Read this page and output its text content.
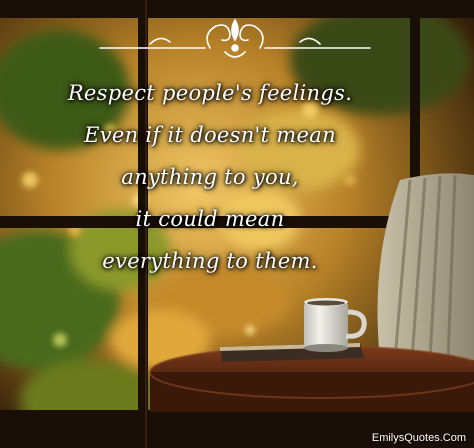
Respect people's feelings.
Even if it doesn't mean
anything to you,
it could mean
everything to them.

EmilysQuotes.Com
